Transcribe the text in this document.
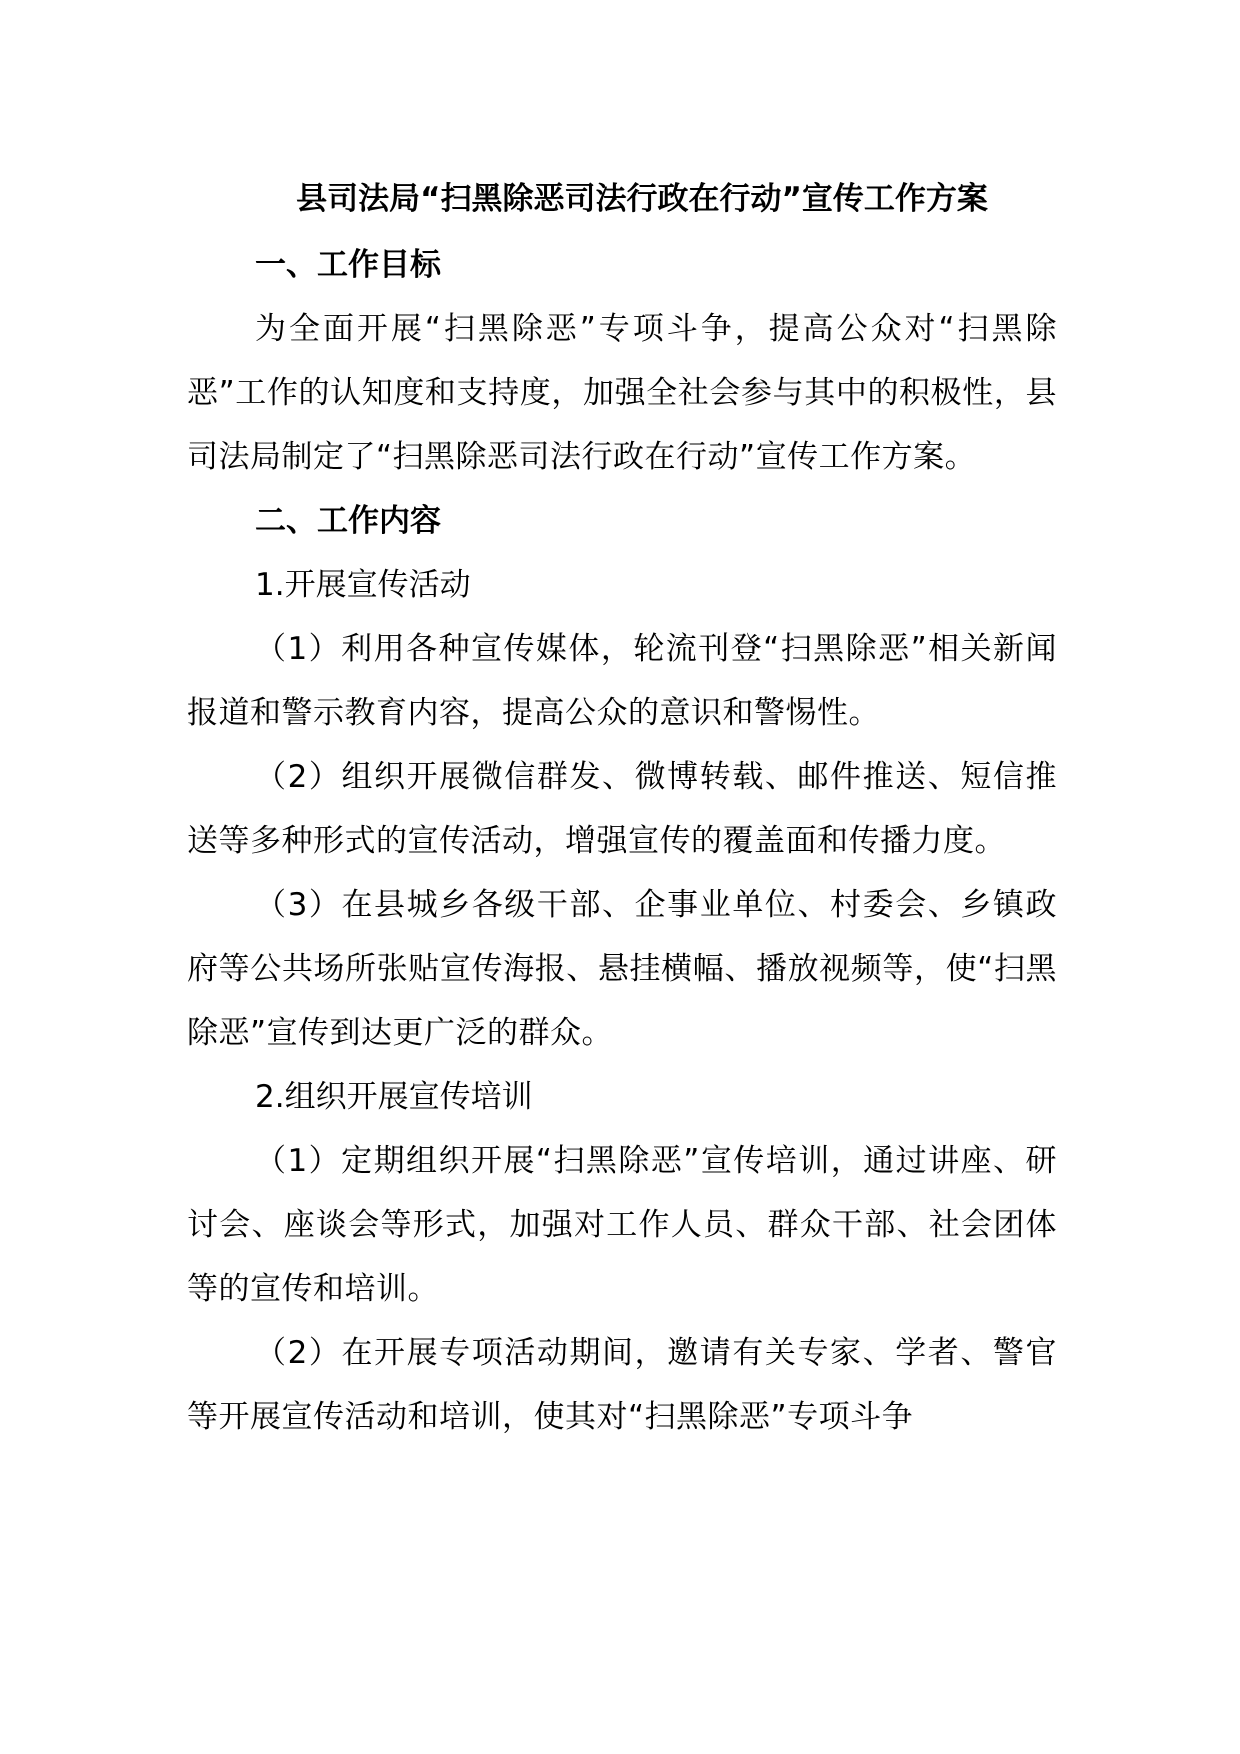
县司法局“扫黑除恶司法行政在行动”宣传工作方案
一、工作目标

为全面开展“扫黑除恶”专项斗争，提高公众对“扫黑除恶”工作的认知度和支持度，加强全社会参与其中的积极性，县司法局制定了“扫黑除恶司法行政在行动”宣传工作方案。

二、工作内容

1.开展宣传活动

（1）利用各种宣传媒体，轮流刊登“扫黑除恶”相关新闻报道和警示教育内容，提高公众的意识和警惕性。

（2）组织开展微信群发、微博转载、邮件推送、短信推送等多种形式的宣传活动，增强宣传的覆盖面和传播力度。

（3）在县城乡各级干部、企事业单位、村委会、乡镇政府等公共场所张贴宣传海报、悬挂横幅、播放视频等，使“扫黑除恶”宣传到达更广泛的群众。

2.组织开展宣传培训

（1）定期组织开展“扫黑除恶”宣传培训，通过讲座、研讨会、座谈会等形式，加强对工作人员、群众干部、社会团体等的宣传和培训。

（2）在开展专项活动期间，邀请有关专家、学者、警官等开展宣传活动和培训，使其对“扫黑除恶”专项斗争
